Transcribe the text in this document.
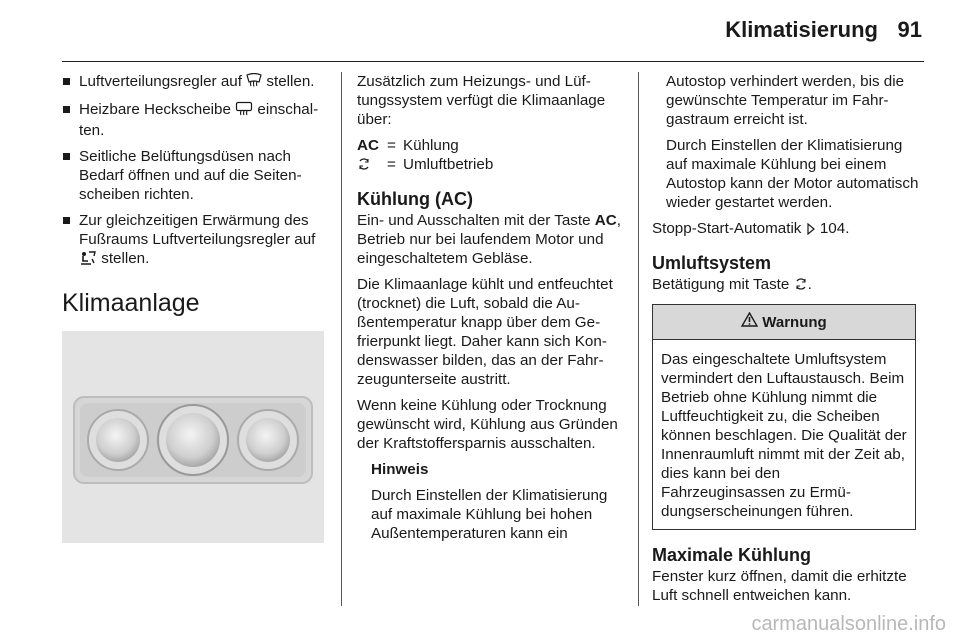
Klimatisierung 91
Luftverteilungsregler auf  stellen.
Heizbare Heckscheibe  einschalten.
Seitliche Belüftungsdüsen nach Bedarf öffnen und auf die Seitenscheiben richten.
Zur gleichzeitigen Erwärmung des Fußraums Luftverteilungsregler auf  stellen.
Klimaanlage

Zusätzlich zum Heizungs- und Lüftungssystem verfügt die Klimaanlage über:

AC = Kühlung
= Umluftbetrieb
Kühlung (AC)

Ein- und Ausschalten mit der Taste AC, Betrieb nur bei laufendem Motor und eingeschaltetem Gebläse.

Die Klimaanlage kühlt und entfeuchtet (trocknet) die Luft, sobald die Außentemperatur knapp über dem Gefrierpunkt liegt. Daher kann sich Kondenswasser bilden, das an der Fahrzeugunterseite austritt.

Wenn keine Kühlung oder Trocknung gewünscht wird, Kühlung aus Gründen der Kraftstoffersparnis ausschalten.

Hinweis

Durch Einstellen der Klimatisierung auf maximale Kühlung bei hohen Außentemperaturen kann ein

Autostop verhindert werden, bis die gewünschte Temperatur im Fahrgastraum erreicht ist.

Durch Einstellen der Klimatisierung auf maximale Kühlung bei einem Autostop kann der Motor automatisch wieder gestartet werden.

Stopp-Start-Automatik  104.

Umluftsystem

Betätigung mit Taste .

Warnung
Das eingeschaltete Umluftsystem vermindert den Luftaustausch. Beim Betrieb ohne Kühlung nimmt die Luftfeuchtigkeit zu, die Scheiben können beschlagen. Die Qualität der Innenraumluft nimmt mit der Zeit ab, dies kann bei den Fahrzeuginsassen zu Ermüdungserscheinungen führen.
Maximale Kühlung

Fenster kurz öffnen, damit die erhitzte Luft schnell entweichen kann.

carmanualsonline.info
